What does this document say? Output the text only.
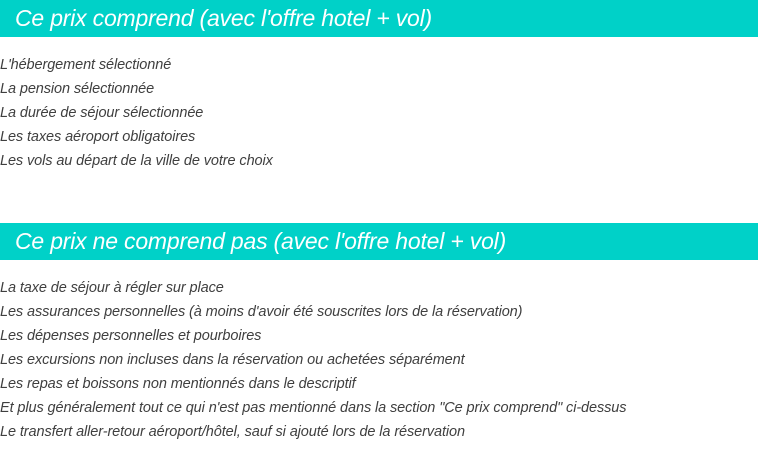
Ce prix comprend (avec l'offre hotel + vol)
L'hébergement sélectionné
La pension sélectionnée
La durée de séjour sélectionnée
Les taxes aéroport obligatoires
Les vols au départ de la ville de votre choix
Ce prix ne comprend pas (avec l'offre hotel + vol)
La taxe de séjour à régler sur place
Les assurances personnelles (à moins d'avoir été souscrites lors de la réservation)
Les dépenses personnelles et pourboires
Les excursions non incluses dans la réservation ou achetées séparément
Les repas et boissons non mentionnés dans le descriptif
Et plus généralement tout ce qui n'est pas mentionné dans la section "Ce prix comprend" ci-dessus
Le transfert aller-retour aéroport/hôtel, sauf si ajouté lors de la réservation
